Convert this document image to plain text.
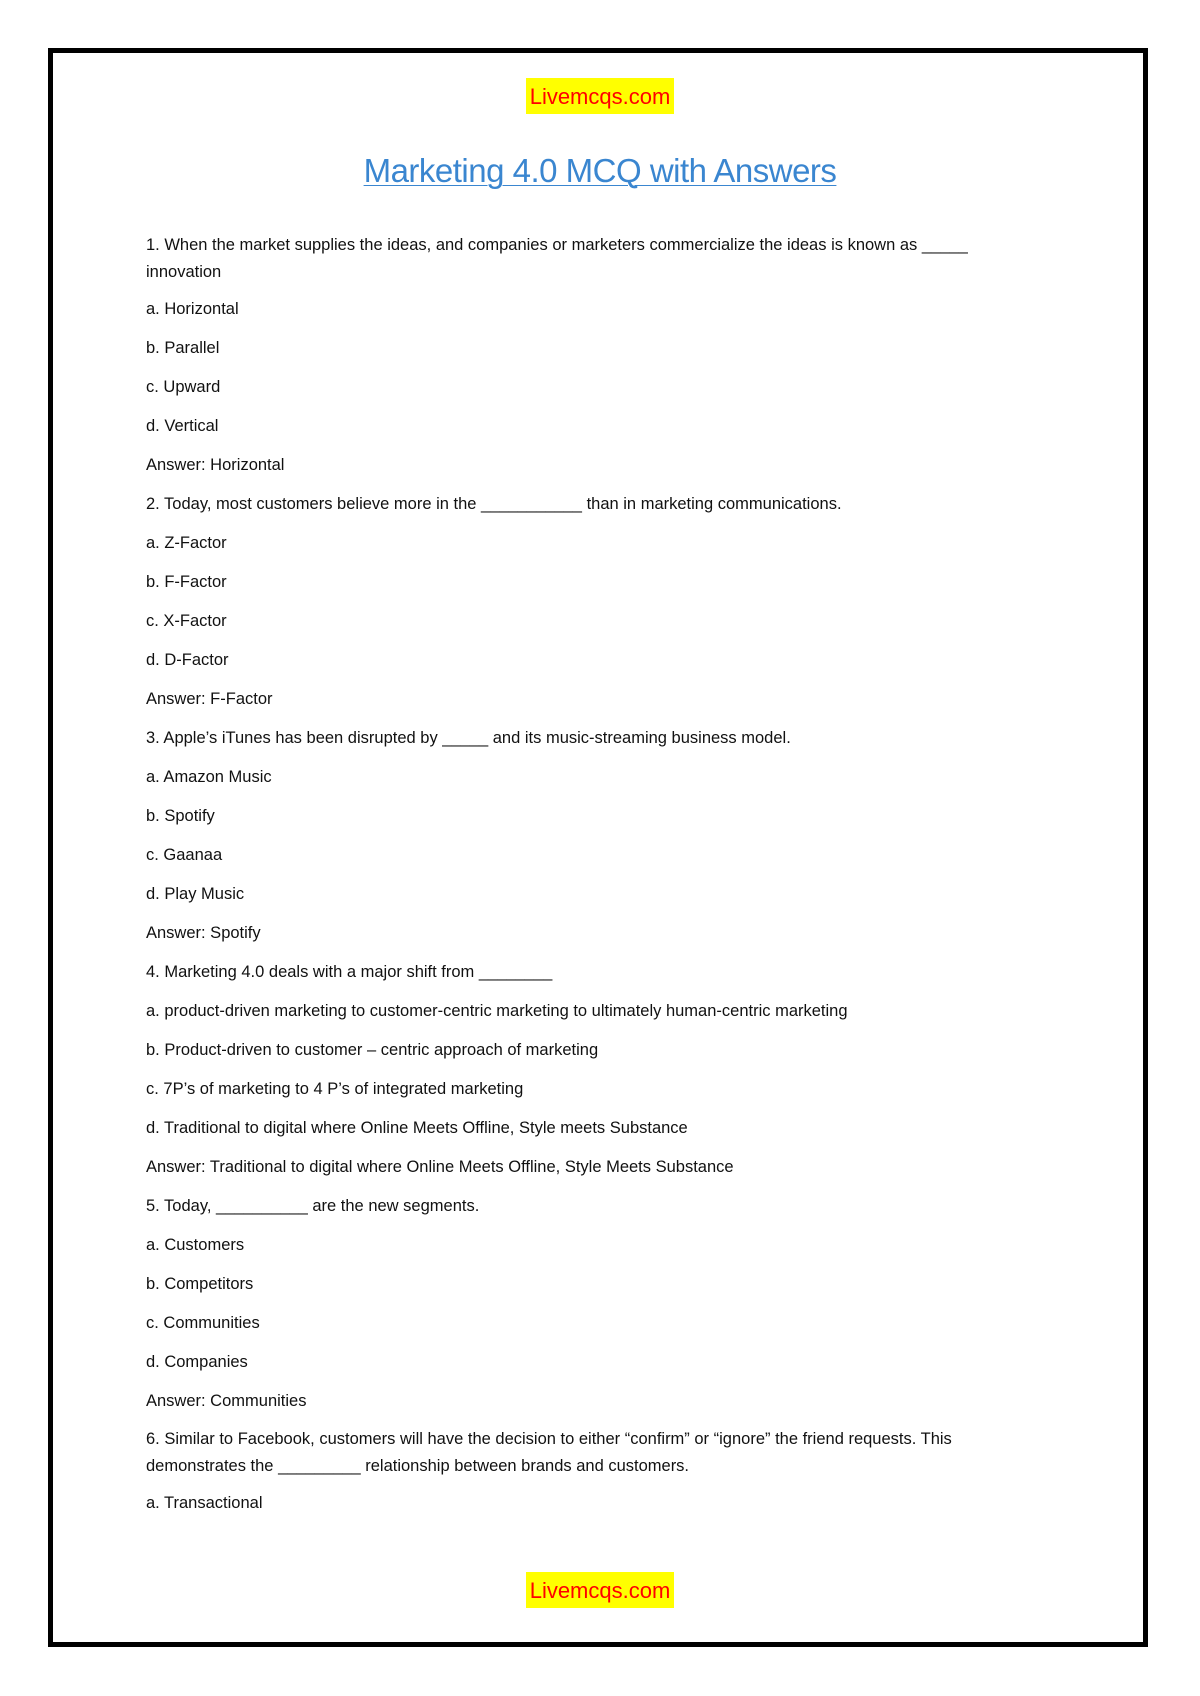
Livemcqs.com
Marketing 4.0 MCQ with Answers
1. When the market supplies the ideas, and companies or marketers commercialize the ideas is known as _____ innovation
a. Horizontal
b. Parallel
c. Upward
d. Vertical
Answer: Horizontal
2. Today, most customers believe more in the ___________ than in marketing communications.
a. Z-Factor
b. F-Factor
c. X-Factor
d. D-Factor
Answer: F-Factor
3. Apple’s iTunes has been disrupted by _____ and its music-streaming business model.
a. Amazon Music
b. Spotify
c. Gaanaa
d. Play Music
Answer: Spotify
4. Marketing 4.0 deals with a major shift from ________
a. product-driven marketing to customer-centric marketing to ultimately human-centric marketing
b. Product-driven to customer – centric approach of marketing
c. 7P’s of marketing to 4 P’s of integrated marketing
d. Traditional to digital where Online Meets Offline, Style meets Substance
Answer: Traditional to digital where Online Meets Offline, Style Meets Substance
5. Today, __________ are the new segments.
a. Customers
b. Competitors
c. Communities
d. Companies
Answer: Communities
6. Similar to Facebook, customers will have the decision to either “confirm” or “ignore” the friend requests. This demonstrates the _________ relationship between brands and customers.
a. Transactional
Livemcqs.com
